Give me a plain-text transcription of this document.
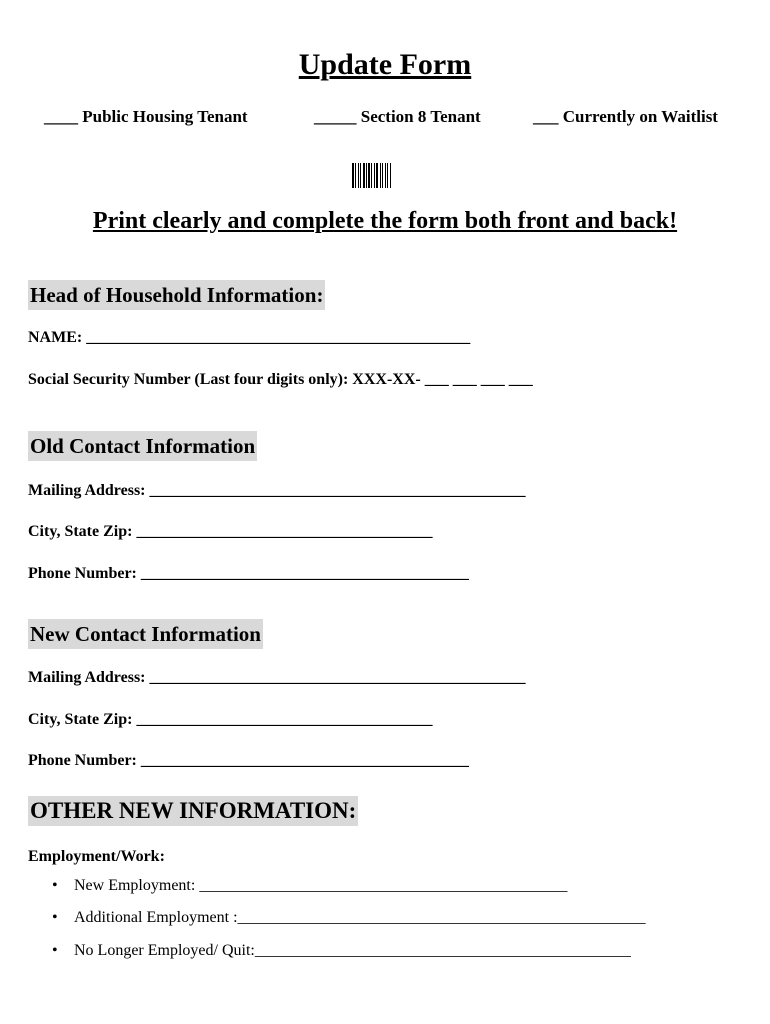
Update Form
____ Public Housing Tenant	_____ Section 8 Tenant	___ Currently on Waitlist
Print clearly and complete the form both front and back!
Head of Household Information:
NAME: ________________________________________________
Social Security Number (Last four digits only): XXX-XX- ___ ___ ___ ___
Old Contact Information
Mailing Address: _______________________________________________
City, State Zip: _____________________________________
Phone Number: _________________________________________
New Contact Information
Mailing Address: _______________________________________________
City, State Zip: _____________________________________
Phone Number: _________________________________________
OTHER NEW INFORMATION:
Employment/Work:
• New Employment: ______________________________________________
• Additional Employment :___________________________________________________
• No Longer Employed/ Quit:_______________________________________________
